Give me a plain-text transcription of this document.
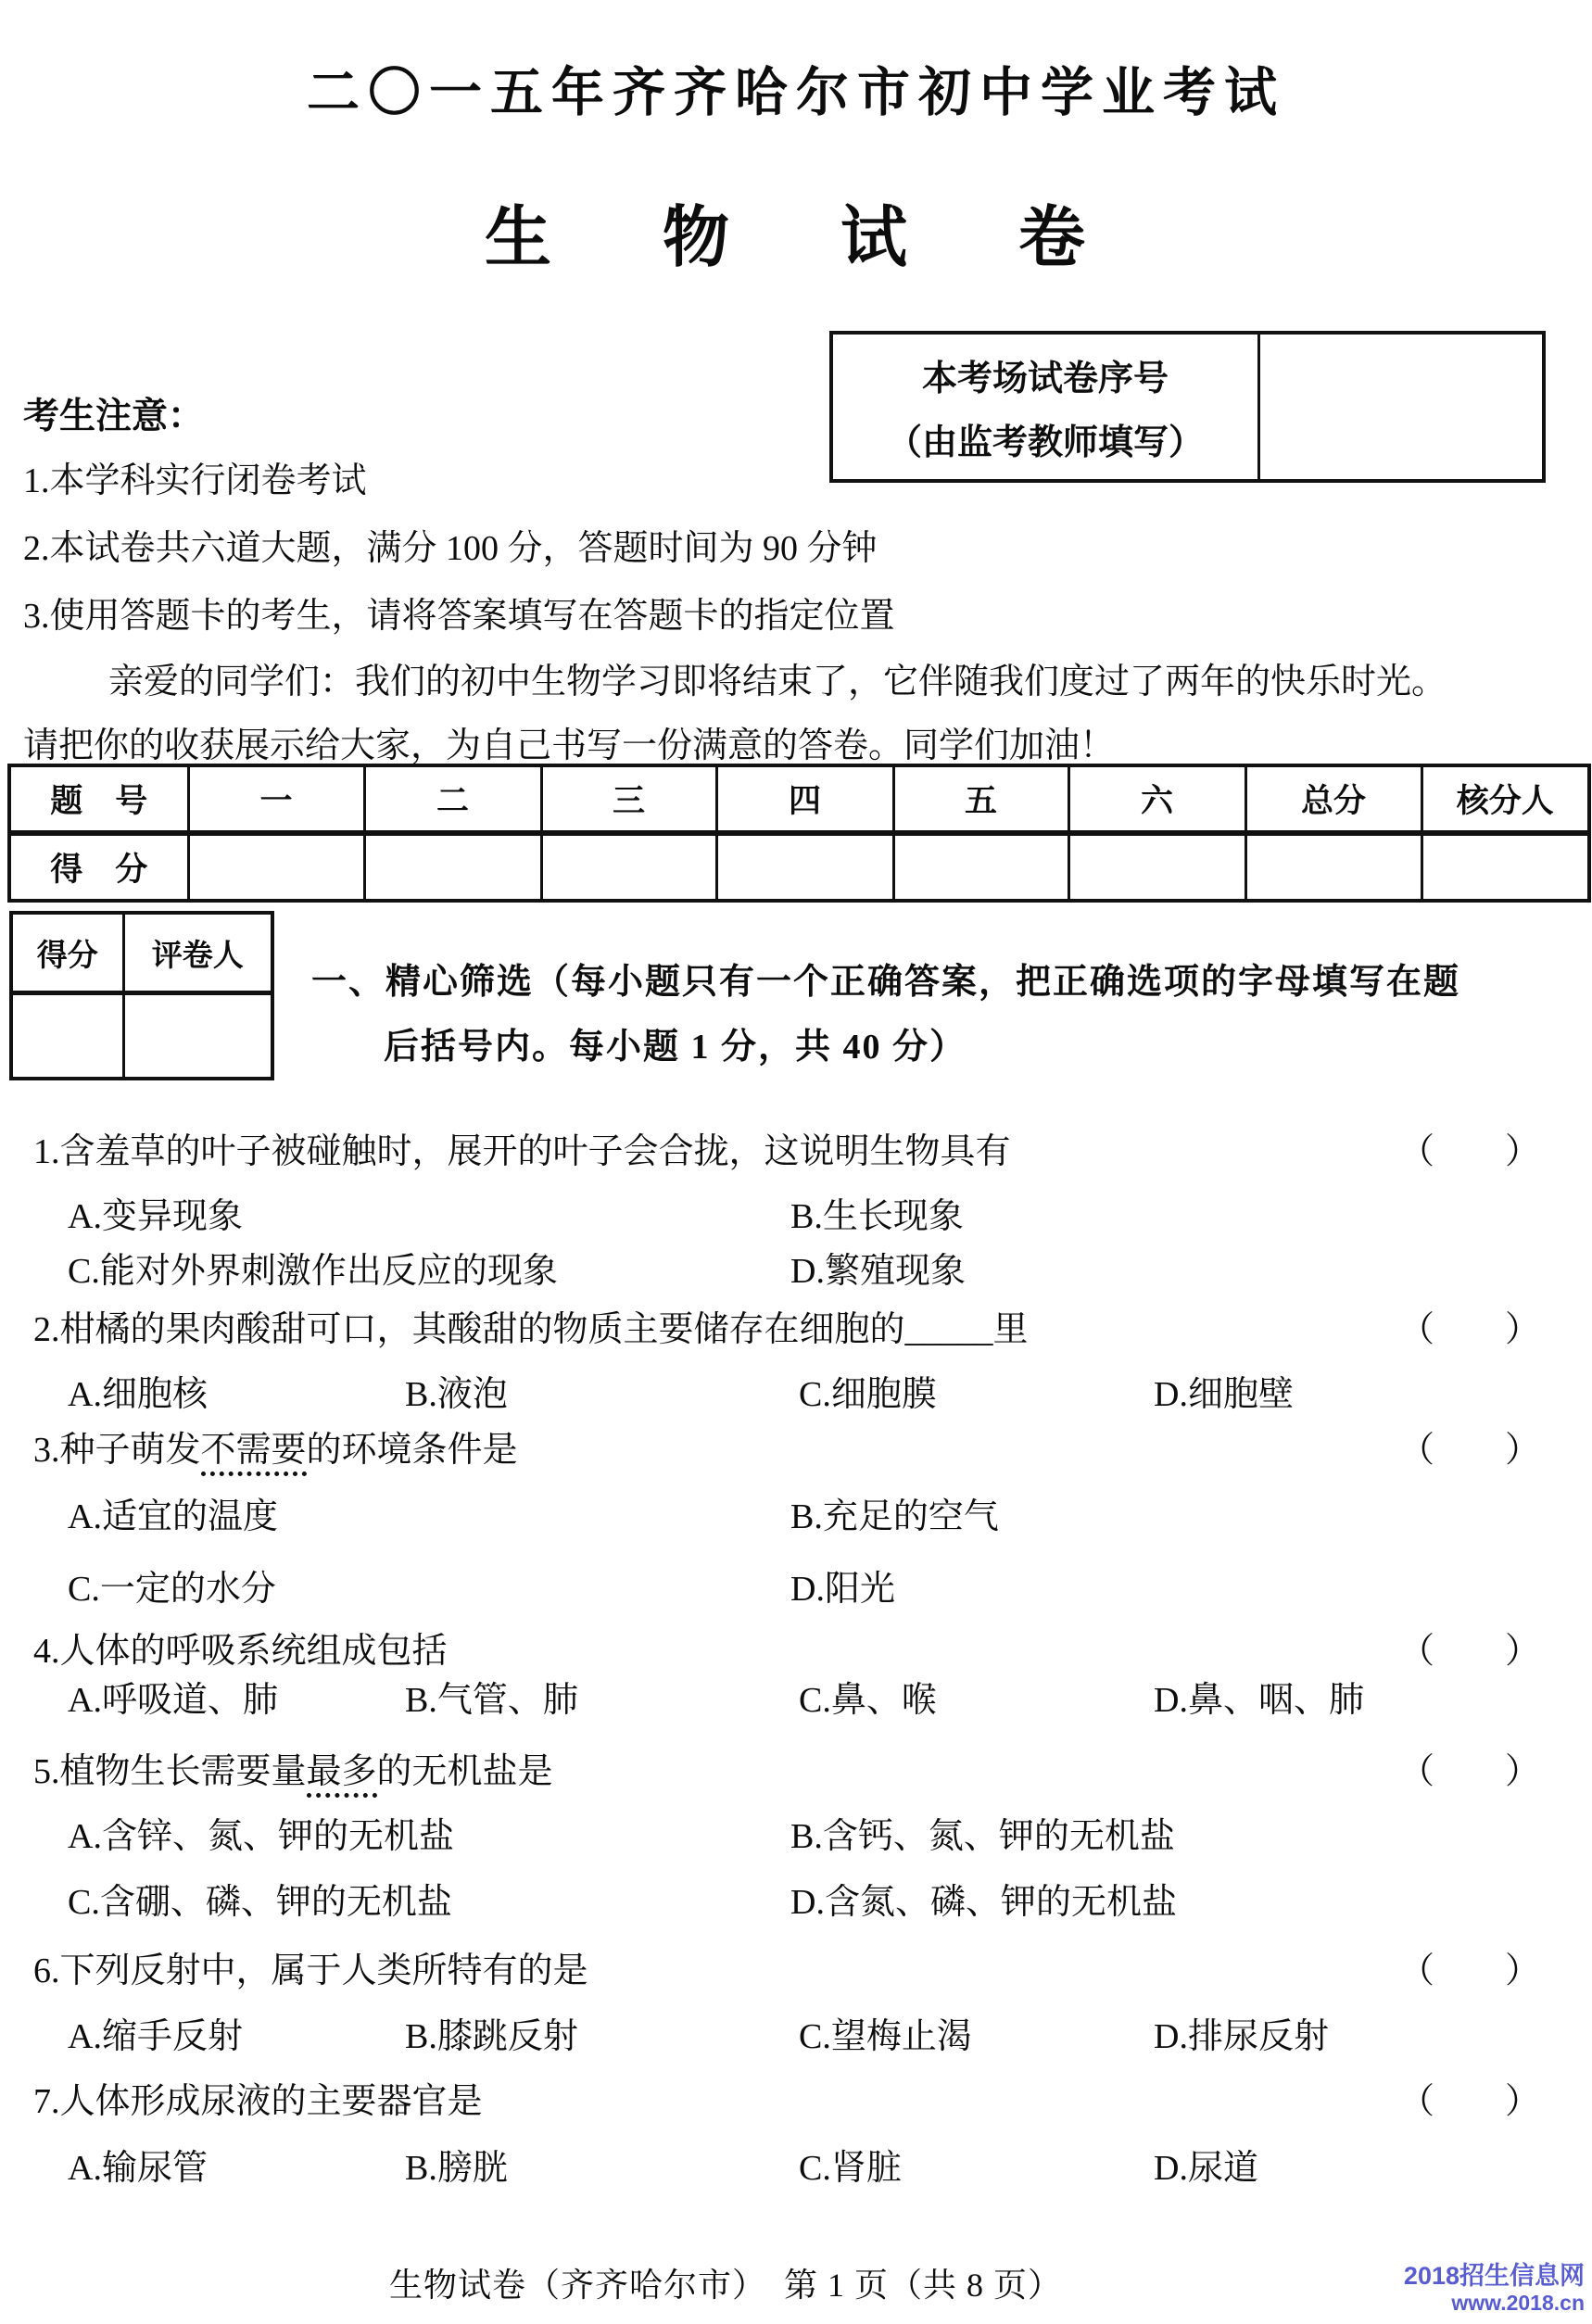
二〇一五年齐齐哈尔市初中学业考试
生　物　试　卷
本考场试卷序号
（由监考教师填写）
考生注意：
1.本学科实行闭卷考试
2.本试卷共六道大题，满分 100 分，答题时间为 90 分钟
3.使用答题卡的考生，请将答案填写在答题卡的指定位置
亲爱的同学们：我们的初中生物学习即将结束了，它伴随我们度过了两年的快乐时光。
请把你的收获展示给大家，为自己书写一份满意的答卷。同学们加油！
题　号	一	二	三	四	五	六	总分	核分人
得　分								
得分	评卷人

一、精心筛选（每小题只有一个正确答案，把正确选项的字母填写在题
后括号内。每小题 1 分，共 40 分）
1.含羞草的叶子被碰触时，展开的叶子会合拢，这说明生物具有	（　　）
A.变异现象	B.生长现象
C.能对外界刺激作出反应的现象	D.繁殖现象
2.柑橘的果肉酸甜可口，其酸甜的物质主要储存在细胞的_____里	（　　）
A.细胞核	B.液泡	C.细胞膜	D.细胞壁
3.种子萌发不需要的环境条件是	（　　）
A.适宜的温度	B.充足的空气
C.一定的水分	D.阳光
4.人体的呼吸系统组成包括	（　　）
A.呼吸道、肺	B.气管、肺	C.鼻、喉	D.鼻、咽、肺
5.植物生长需要量最多的无机盐是	（　　）
A.含锌、氮、钾的无机盐	B.含钙、氮、钾的无机盐
C.含硼、磷、钾的无机盐	D.含氮、磷、钾的无机盐
6.下列反射中，属于人类所特有的是	（　　）
A.缩手反射	B.膝跳反射	C.望梅止渴	D.排尿反射
7.人体形成尿液的主要器官是	（　　）
A.输尿管	B.膀胱	C.肾脏	D.尿道
生物试卷（齐齐哈尔市）　第 1 页（共 8 页）	2018招生信息网
www.2018.cn
